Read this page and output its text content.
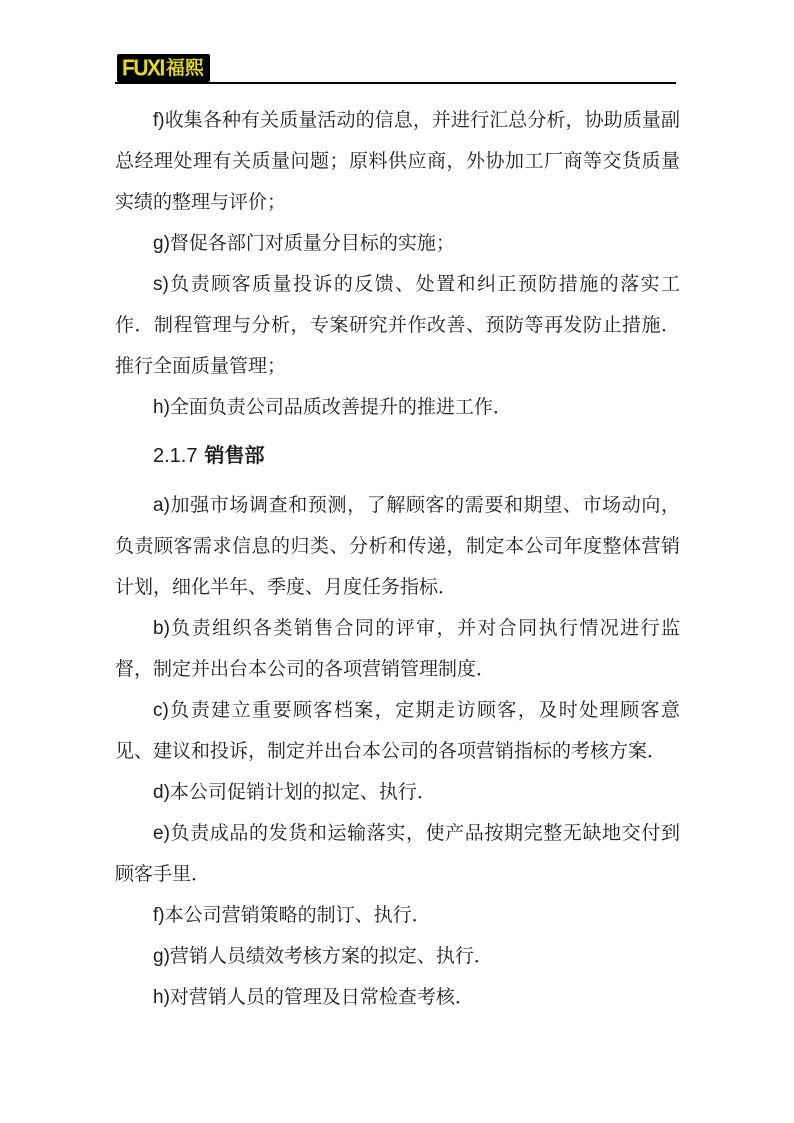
FUXI 福熙

f)收集各种有关质量活动的信息，并进行汇总分析，协助质量副总经理处理有关质量问题；原料供应商，外协加工厂商等交货质量实绩的整理与评价；

g)督促各部门对质量分目标的实施；

s)负责顾客质量投诉的反馈、处置和纠正预防措施的落实工作．制程管理与分析，专案研究并作改善、预防等再发防止措施．推行全面质量管理；

h)全面负责公司品质改善提升的推进工作．

2.1.7 销售部

a)加强市场调查和预测，了解顾客的需要和期望、市场动向，负责顾客需求信息的归类、分析和传递，制定本公司年度整体营销计划，细化半年、季度、月度任务指标．

b)负责组织各类销售合同的评审，并对合同执行情况进行监督，制定并出台本公司的各项营销管理制度．

c)负责建立重要顾客档案，定期走访顾客，及时处理顾客意见、建议和投诉，制定并出台本公司的各项营销指标的考核方案．

d)本公司促销计划的拟定、执行．

e)负责成品的发货和运输落实，使产品按期完整无缺地交付到顾客手里．

f)本公司营销策略的制订、执行．

g)营销人员绩效考核方案的拟定、执行．

h)对营销人员的管理及日常检查考核．
